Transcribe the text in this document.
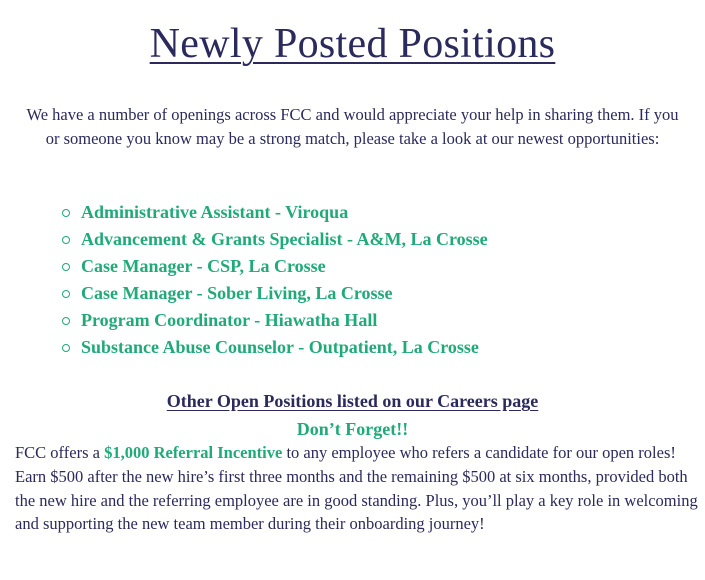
Newly Posted Positions

We have a number of openings across FCC and would appreciate your help in sharing them. If you or someone you know may be a strong match, please take a look at our newest opportunities:

Administrative Assistant - Viroqua
Advancement & Grants Specialist - A&M, La Crosse
Case Manager - CSP, La Crosse
Case Manager - Sober Living, La Crosse
Program Coordinator - Hiawatha Hall
Substance Abuse Counselor - Outpatient, La Crosse
Other Open Positions listed on our Careers page

Don’t Forget!!

FCC offers a $1,000 Referral Incentive to any employee who refers a candidate for our open roles! Earn $500 after the new hire’s first three months and the remaining $500 at six months, provided both the new hire and the referring employee are in good standing. Plus, you’ll play a key role in welcoming and supporting the new team member during their onboarding journey!
